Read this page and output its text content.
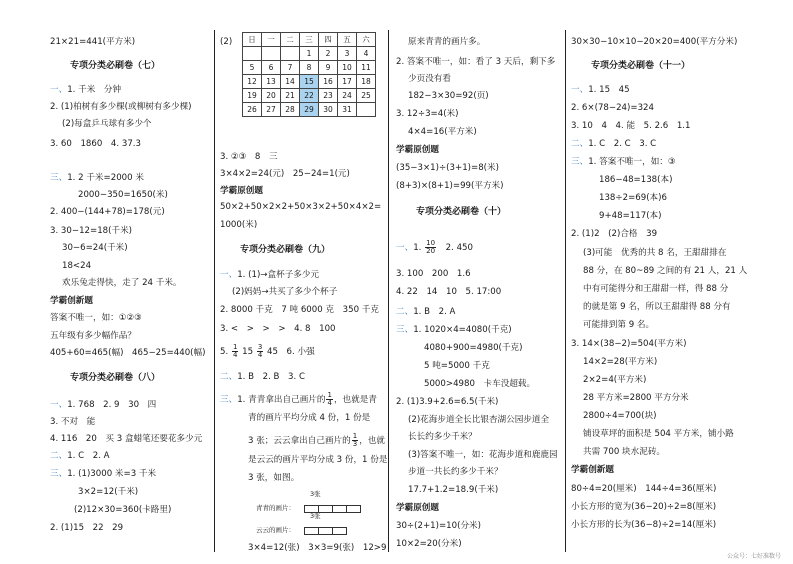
21×21=441(平方米)
专项分类必刷卷（七）
一、1. 千米　分钟
2. (1)柏树有多少棵(或柳树有多少棵)
(2)每盒乒乓球有多少个
3. 60　1860　4. 37.3
三、1. 2 千米=2000 米
2000−350=1650(米)
2. 400−(144+78)=178(元)
3. 30−12=18(千米)
30−6=24(千米)
18<24
欢乐兔走得快，走了 24 千米。
学霸创新题
答案不唯一，如：①②③
五年级有多少幅作品？
405+60=465(幅)　465−25=440(幅)
专项分类必刷卷（八）
一、1. 768　2. 9　30　四
3. 不对　能
4. 116　20　买 3 盒蜡笔还要花多少元
二、1. C　2. A
三、1. (1)3000 米=3 千米
3×2=12(千米)
(2)12×30=360(卡路里)
2. (1)15　22　29
(2) 日	一	二	三	四	五	六
			1	2	3	4
5	6	7	8	9	10	11
12	13	14	15	16	17	18
19	20	21	22	23	24	25
26	27	28	29	30	31	
3. ②③　8　三
3×4×2=24(元)　25−24=1(元)
学霸原创题
50×2+50×2×2+50×3×2+50×4×2=
1000(米)
专项分类必刷卷（九）
一、1. (1)→盒杯子多少元
(2)妈妈→共买了多少个杯子
2. 8000 千克　7 吨 6000 克　350 千克
3. <　>　>　>　4. 8　100
二、1. B　2. B　3. C
5. $\frac{1}{4} 15 \frac{3}{4} 45$　6. 小强
三、1. 青青拿出自己画片的 $\frac{1}{4}$ ，也就是青
青的画片平均分成 4 份，1 份是
3 张；云云拿出自己画片的 $\frac{1}{3}$ ，也就
是云云的画片平均分成 3 份，1 份是
3 张，如图。
3张
青青的画片：
3张
云云的画片：
3×4=12(张)　3×3=9(张)　12>9
原来青青的画片多。
2. 答案不唯一，如：看了 3 天后，剩下多
少页没有看
182−3×30=92(页)
3. 12÷3=4(米)
4×4=16(平方米)
学霸原创题
(35−3×1)÷(3+1)=8(米)
(8+3)×(8+1)=99(平方米)
专项分类必刷卷（十）
3. 100　200　1.6
4. 22　14　10　5. 17:00
二、1. B　2. A
三、1. 1020×4=4080(千克)
4080+900=4980(千克)
5 吨=5000 千克
5000>4980　卡车没超载。
2. (1)3.9+2.6=6.5(千米)
(2)花海步道全长比银杏湖公园步道全
长长约多少千米？
(3)答案不唯一，如：花海步道和鹿鹿园
步道一共长约多少千米？
17.7+1.2=18.9(千米)
学霸原创题
30÷(2+1)=10(分米)
10×2=20(分米)
一、1. $\frac{10}{20}$ 　2. 450
30×30−10×10−20×20=400(平方分米)
专项分类必刷卷（十一）
一、1. 15　45
2. 6×(78−24)=324
3. 10　4　4. 能　5. 2.6　1.1
二、1. C　2. C　3. C
三、1. 答案不唯一，如：③
186−48=138(本)
138÷2=69(本)6
9+48=117(本)
2. (1)2　(2)合格　39
(3)可能　优秀的共 8 名，王甜甜排在
88 分，在 80~89 之间的有 21 人，21 人
中有可能得分和王甜甜一样，得 88 分
的就是第 9 名，所以王甜甜得 88 分有
可能排到第 9 名。
3. 14×(38−2)=504(平方米)
14×2=28(平方米)
2×2=4(平方米)
28 平方米=2800 平方分米
2800÷4=700(块)
铺设草坪的面积是 504 平方米，铺小路
共需 700 块水泥砖。
学霸创新题
80÷4=20(厘米)　144÷4=36(厘米)
小长方形的宽为(36−20)÷2=8(厘米)
小长方形的长为(36−8)÷2=14(厘米)
公众号：七好准数号
